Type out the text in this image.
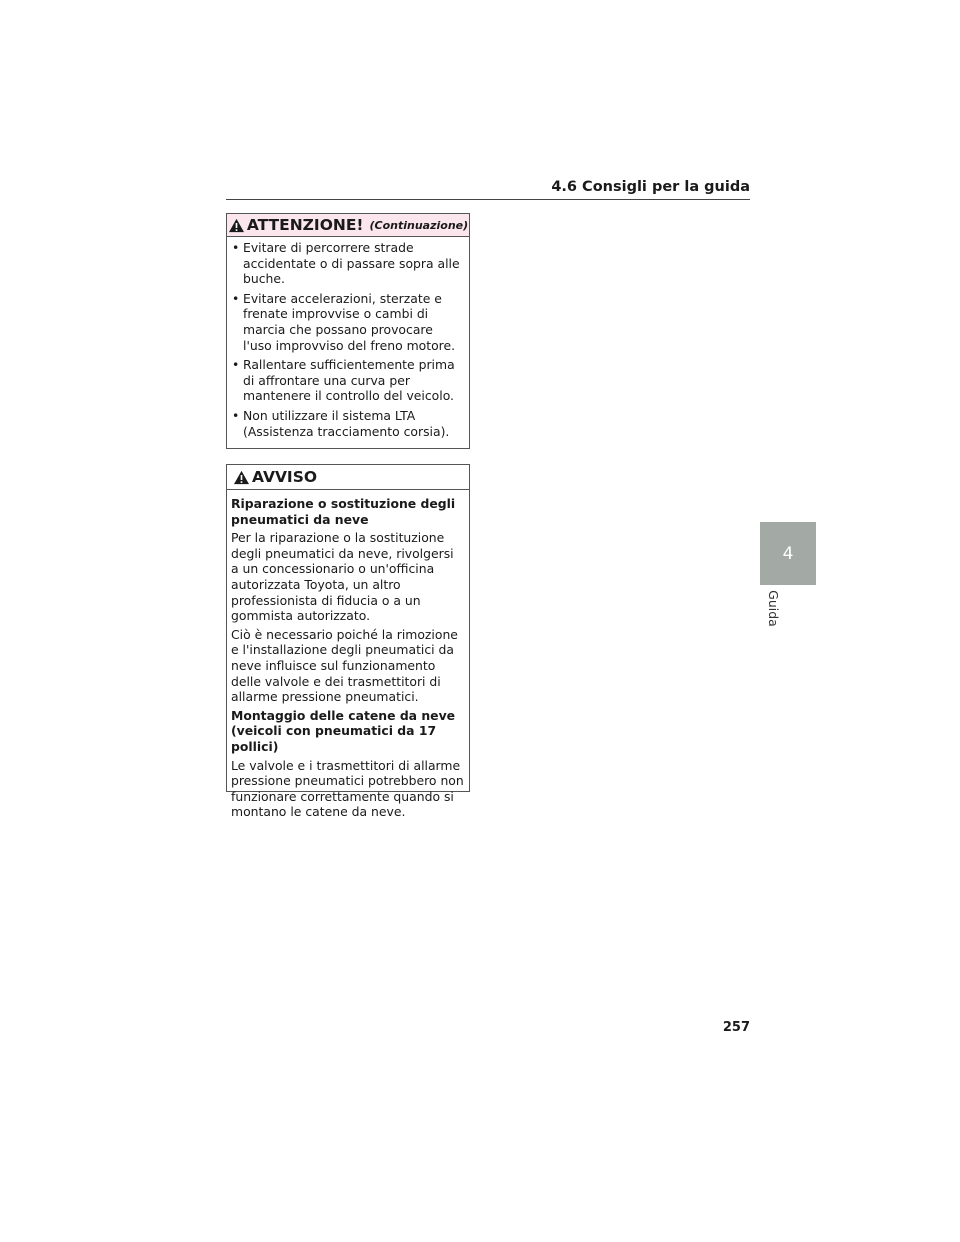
4.6 Consigli per la guida
ATTENZIONE! (Continuazione)
• Evitare di percorrere strade accidentate o di passare sopra alle buche.
• Evitare accelerazioni, sterzate e frenate improvvise o cambi di marcia che possano provocare l'uso improvviso del freno motore.
• Rallentare sufficientemente prima di affrontare una curva per mantenere il controllo del veicolo.
• Non utilizzare il sistema LTA (Assistenza tracciamento corsia).
AVVISO

Riparazione o sostituzione degli pneumatici da neve

Per la riparazione o la sostituzione degli pneumatici da neve, rivolgersi a un concessionario o un'officina autorizzata Toyota, un altro professionista di fiducia o a un gommista autorizzato.

Ciò è necessario poiché la rimozione e l'installazione degli pneumatici da neve influisce sul funzionamento delle valvole e dei trasmettitori di allarme pressione pneumatici.

Montaggio delle catene da neve (veicoli con pneumatici da 17 pollici)

Le valvole e i trasmettitori di allarme pressione pneumatici potrebbero non funzionare correttamente quando si montano le catene da neve.

4
Guida
257
